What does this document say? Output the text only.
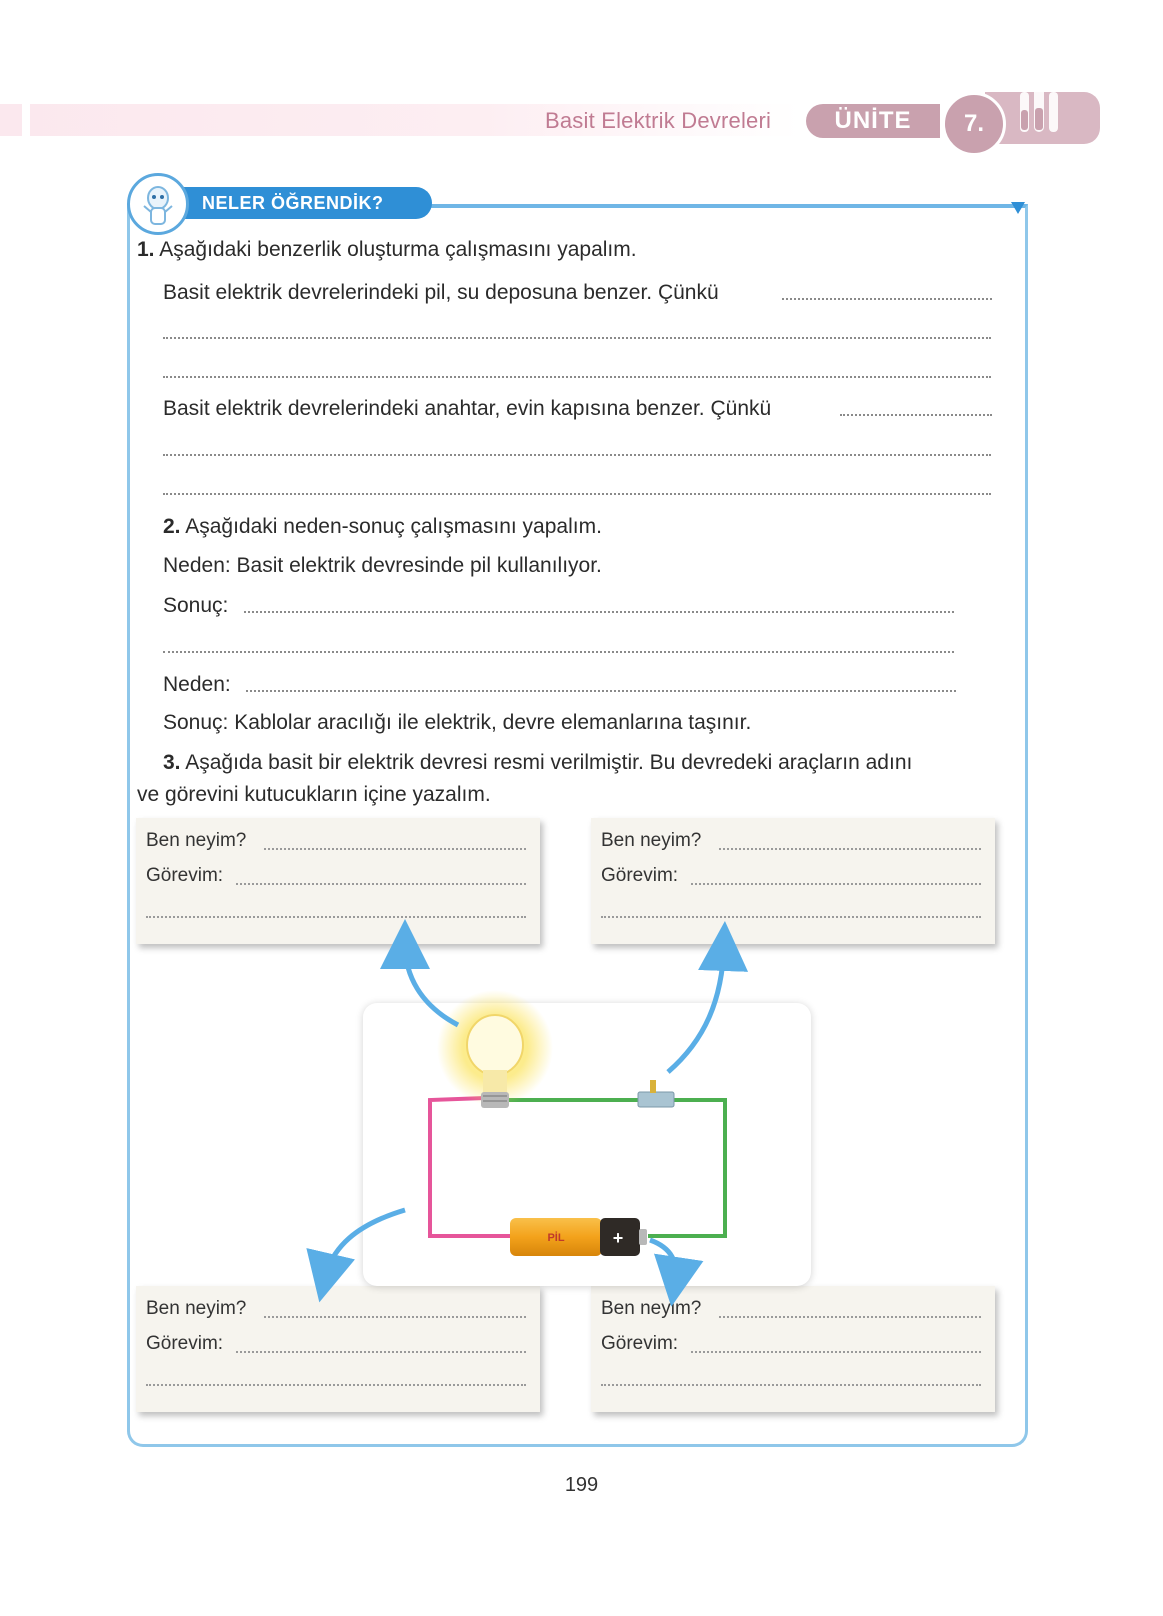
Basit Elektrik Devreleri	ÜNİTE	7.
NELER ÖĞRENDİK?
1. Aşağıdaki benzerlik oluşturma çalışmasını yapalım.
Basit elektrik devrelerindeki pil, su deposuna benzer. Çünkü
Basit elektrik devrelerindeki anahtar, evin kapısına benzer. Çünkü
2. Aşağıdaki neden-sonuç çalışmasını yapalım.
Neden: Basit elektrik devresinde pil kullanılıyor.
Sonuç:
Neden:
Sonuç: Kablolar aracılığı ile elektrik, devre elemanlarına taşınır.
3. Aşağıda basit bir elektrik devresi resmi verilmiştir. Bu devredeki araçların adını
ve görevini kutucukların içine yazalım.
Ben neyim?
Görevim:
Ben neyim?
Görevim:
Ben neyim?
Görevim:
Ben neyim?
Görevim:
PİL	+
199
